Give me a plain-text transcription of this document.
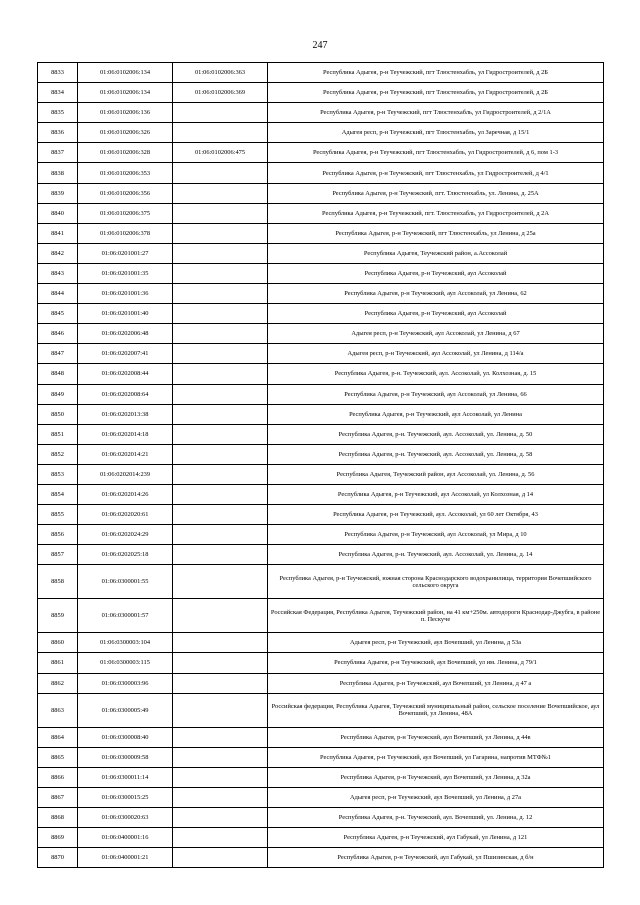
247
8833	01:06:0102006:134	01:06:0102006:363	Республика Адыгея, р-н Теучежский, пгт Тлюстенхабль, ул Гидростроителей, д 2Б
8834	01:06:0102006:134	01:06:0102006:369	Республика Адыгея, р-н Теучежский, пгт Тлюстенхабль, ул Гидростроителей, д 2Б
8835	01:06:0102006:136		Республика Адыгея, р-н Теучежский, пгт Тлюстенхабль, ул Гидростроителей, д 2/1А
8836	01:06:0102006:326		Адыгея респ, р-н Теучежский, пгт Тлюстенхабль, ул Заречная, д 15/1
8837	01:06:0102006:328	01:06:0102006:475	Республика Адыгея, р-н Теучежский, пгт Тлюстенхабль, ул Гидростроителей, д 6, пом 1-3
8838	01:06:0102006:353		Республика Адыгея, р-н Теучежский, пгт Тлюстенхабль, ул Гидростроителей, д 4/1
8839	01:06:0102006:356		Республика Адыгея, р-н Теучежский, пгт. Тлюстенхабль, ул. Ленина, д. 25А
8840	01:06:0102006:375		Республика Адыгея, р-н Теучежский, пгт. Тлюстенхабль, ул Гидростроителей, д 2А
8841	01:06:0102006:378		Республика Адыгея, р-н Теучежский, пгт Тлюстенхабль, ул Ленина, д 25а
8842	01:06:0201001:27		Республика Адыгея, Теучежский район, а.Ассоколай
8843	01:06:0201001:35		Республика Адыгея, р-н Теучежский, аул Ассоколай
8844	01:06:0201001:36		Республика Адыгея, р-н Теучежский, аул Ассоколай, ул Ленина, 62
8845	01:06:0201001:40		Республика Адыгея, р-н Теучежский, аул Ассоколай
8846	01:06:0202006:48		Адыгея респ, р-н Теучежский, аул Ассоколай, ул Ленина, д 67
8847	01:06:0202007:41		Адыгея респ, р-н Теучежский, аул Ассоколай, ул Ленина, д 114/а
8848	01:06:0202008:44		Республика Адыгея, р-н. Теучежский, аул. Ассоколай, ул. Колхозная, д. 15
8849	01:06:0202008:64		Республика Адыгея, р-н Теучежский, аул Ассоколай, ул Ленина, 66
8850	01:06:0202013:38		Республика Адыгея, р-н Теучежский, аул Ассоколай, ул Ленина
8851	01:06:0202014:18		Республика Адыгея, р-н. Теучежский, аул. Ассоколай, ул. Ленина, д. 50
8852	01:06:0202014:21		Республика Адыгея, р-н. Теучежский, аул. Ассоколай, ул. Ленина, д. 58
8853	01:06:0202014:239		Республика Адыгея, Теучежский район, аул Ассоколай, ул. Ленина, д. 56
8854	01:06:0202014:26		Республика Адыгея, р-н Теучежский, аул Ассоколай, ул Колхозная, д 14
8855	01:06:0202020:61		Республика Адыгея, р-н Теучежский, аул. Ассоколай, ул 60 лет Октября, 43
8856	01:06:0202024:29		Республика Адыгея, р-н Теучежский, аул Ассоколай, ул Мира, д 10
8857	01:06:0202025:18		Республика Адыгея, р-н. Теучежский, аул. Ассоколай, ул. Ленина, д. 14
8858	01:06:0300001:55		Республика Адыгея, р-н Теучежский, южная сторона Краснодарского водохранилища, территория Вочепшийского сельского округа
8859	01:06:0300001:57		Российская Федерация, Республика Адыгея, Теучежский район, на 41 км+250м. автодороги Краснодар-Джубга, в районе п. Пескуче
8860	01:06:0300003:104		Адыгея респ, р-н Теучежский, аул Вочепший, ул Ленина, д 53а
8861	01:06:0300003:115		Республика Адыгея, р-н Теучежский, аул Вочепший, ул им. Ленина, д 79/1
8862	01:06:0300003:96		Республика Адыгея, р-н Теучежский, аул Вочепший, ул Ленина, д 47 а
8863	01:06:0300005:49		Российская федерация, Республика Адыгея, Теучежский муниципальный район, сельское поселение Вочепшийское, аул Вочепший, ул Ленина, 48А
8864	01:06:0300008:40		Республика Адыгея, р-н Теучежский, аул Вочепший, ул Ленина, д 44в
8865	01:06:0300009:58		Республика Адыгея, р-н Теучежский, аул Вочепший, ул Гагарина, напротив МТФ№1
8866	01:06:0300011:14		Республика Адыгея, р-н Теучежский, аул Вочепший, ул Ленина, д 32а
8867	01:06:0300015:25		Адыгея респ, р-н Теучежский, аул Вочепший, ул Ленина, д 27а
8868	01:06:0300020:63		Республика Адыгея, р-н. Теучежский, аул. Вочепший, ул. Ленина, д. 12
8869	01:06:0400001:16		Республика Адыгея, р-н Теучежский, аул Габукай, ул Ленина, д 121
8870	01:06:0400001:21		Республика Адыгея, р-н Теучежский, аул Габукай, ул Пшизинская, д б/н
